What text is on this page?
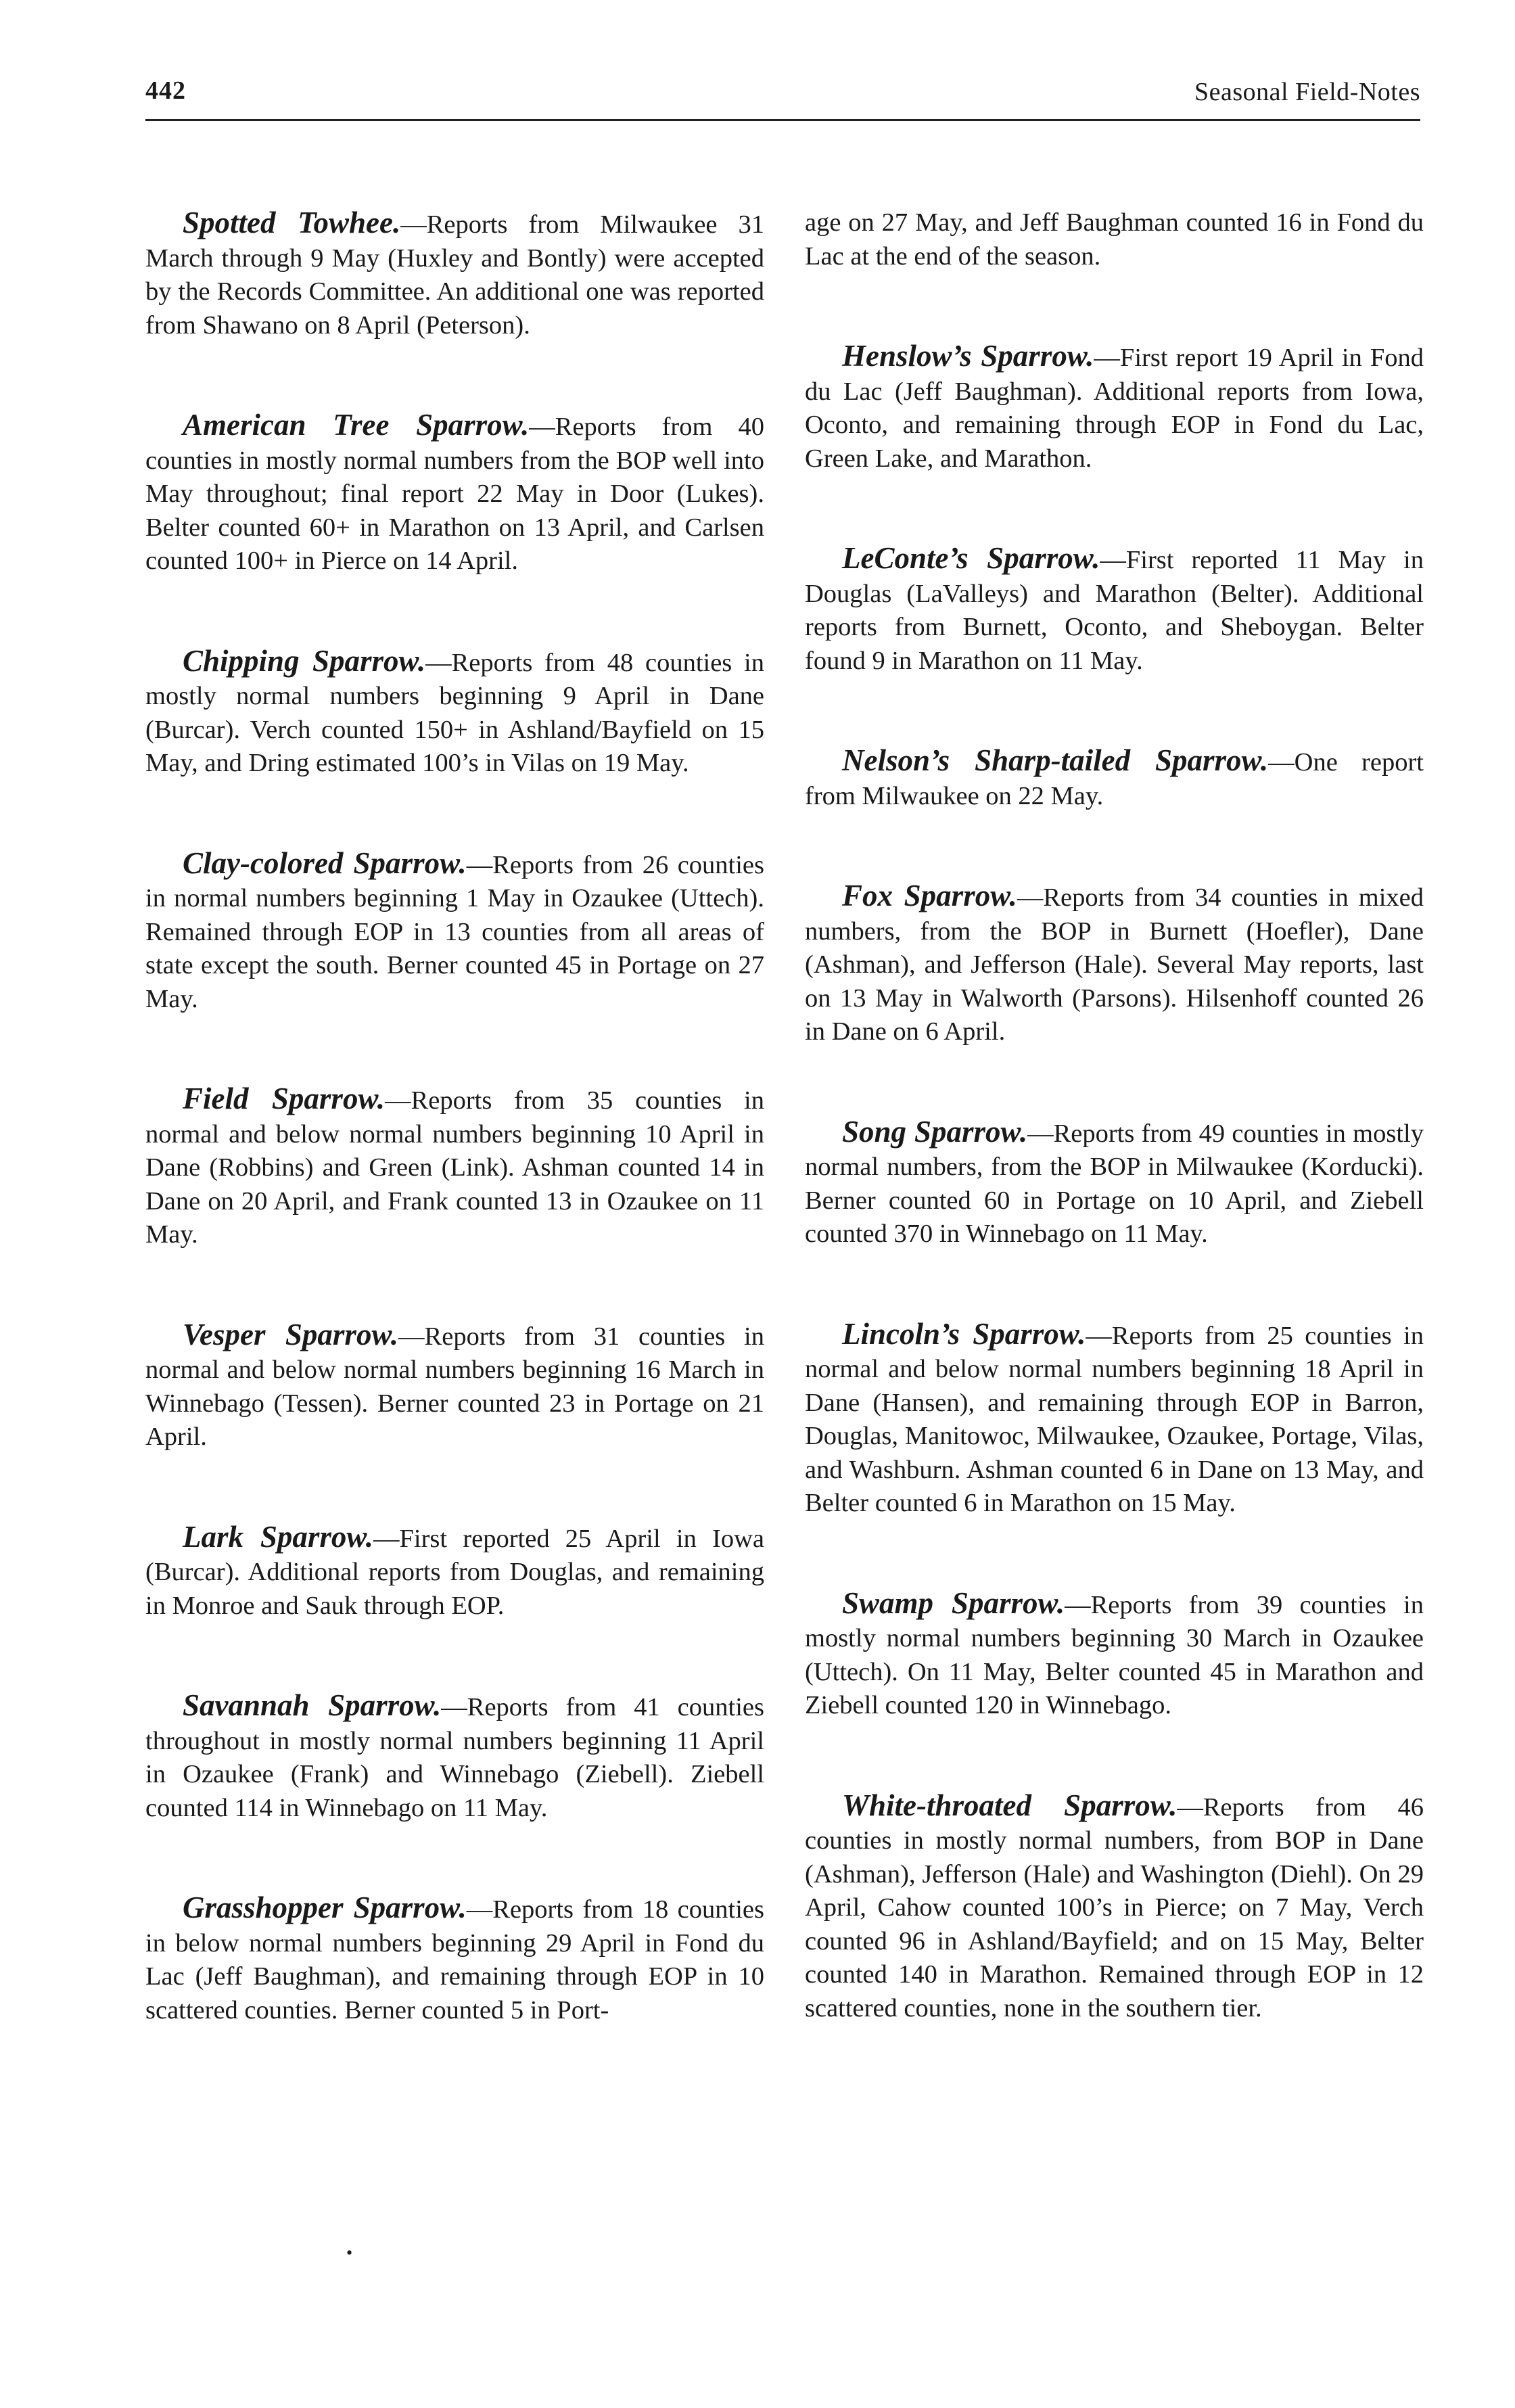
442	Seasonal Field-Notes

Spotted Towhee.—Reports from Milwaukee 31 March through 9 May (Huxley and Bontly) were accepted by the Records Committee. An additional one was reported from Shawano on 8 April (Peterson).

American Tree Sparrow.—Reports from 40 counties in mostly normal numbers from the BOP well into May throughout; final report 22 May in Door (Lukes). Belter counted 60+ in Marathon on 13 April, and Carlsen counted 100+ in Pierce on 14 April.

Chipping Sparrow.—Reports from 48 counties in mostly normal numbers beginning 9 April in Dane (Burcar). Verch counted 150+ in Ashland/Bayfield on 15 May, and Dring estimated 100’s in Vilas on 19 May.

Clay-colored Sparrow.—Reports from 26 counties in normal numbers beginning 1 May in Ozaukee (Uttech). Remained through EOP in 13 counties from all areas of state except the south. Berner counted 45 in Portage on 27 May.

Field Sparrow.—Reports from 35 counties in normal and below normal numbers beginning 10 April in Dane (Robbins) and Green (Link). Ashman counted 14 in Dane on 20 April, and Frank counted 13 in Ozaukee on 11 May.

Vesper Sparrow.—Reports from 31 counties in normal and below normal numbers beginning 16 March in Winnebago (Tessen). Berner counted 23 in Portage on 21 April.

Lark Sparrow.—First reported 25 April in Iowa (Burcar). Additional reports from Douglas, and remaining in Monroe and Sauk through EOP.

Savannah Sparrow.—Reports from 41 counties throughout in mostly normal numbers beginning 11 April in Ozaukee (Frank) and Winnebago (Ziebell). Ziebell counted 114 in Winnebago on 11 May.

Grasshopper Sparrow.—Reports from 18 counties in below normal numbers beginning 29 April in Fond du Lac (Jeff Baughman), and remaining through EOP in 10 scattered counties. Berner counted 5 in Port-

age on 27 May, and Jeff Baughman counted 16 in Fond du Lac at the end of the season.

Henslow’s Sparrow.—First report 19 April in Fond du Lac (Jeff Baughman). Additional reports from Iowa, Oconto, and remaining through EOP in Fond du Lac, Green Lake, and Marathon.

LeConte’s Sparrow.—First reported 11 May in Douglas (LaValleys) and Marathon (Belter). Additional reports from Burnett, Oconto, and Sheboygan. Belter found 9 in Marathon on 11 May.

Nelson’s Sharp-tailed Sparrow.—One report from Milwaukee on 22 May.

Fox Sparrow.—Reports from 34 counties in mixed numbers, from the BOP in Burnett (Hoefler), Dane (Ashman), and Jefferson (Hale). Several May reports, last on 13 May in Walworth (Parsons). Hilsenhoff counted 26 in Dane on 6 April.

Song Sparrow.—Reports from 49 counties in mostly normal numbers, from the BOP in Milwaukee (Korducki). Berner counted 60 in Portage on 10 April, and Ziebell counted 370 in Winnebago on 11 May.

Lincoln’s Sparrow.—Reports from 25 counties in normal and below normal numbers beginning 18 April in Dane (Hansen), and remaining through EOP in Barron, Douglas, Manitowoc, Milwaukee, Ozaukee, Portage, Vilas, and Washburn. Ashman counted 6 in Dane on 13 May, and Belter counted 6 in Marathon on 15 May.

Swamp Sparrow.—Reports from 39 counties in mostly normal numbers beginning 30 March in Ozaukee (Uttech). On 11 May, Belter counted 45 in Marathon and Ziebell counted 120 in Winnebago.

White-throated Sparrow.—Reports from 46 counties in mostly normal numbers, from BOP in Dane (Ashman), Jefferson (Hale) and Washington (Diehl). On 29 April, Cahow counted 100’s in Pierce; on 7 May, Verch counted 96 in Ashland/Bayfield; and on 15 May, Belter counted 140 in Marathon. Remained through EOP in 12 scattered counties, none in the southern tier.

•
